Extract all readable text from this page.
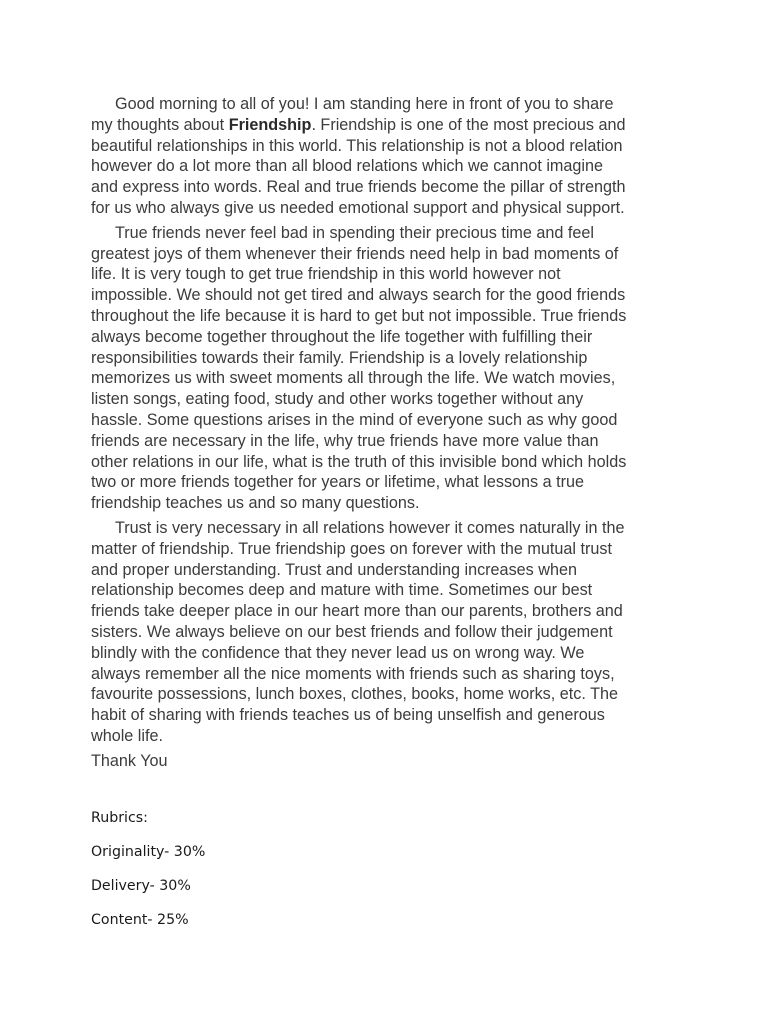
Good morning to all of you! I am standing here in front of you to share
my thoughts about Friendship. Friendship is one of the most precious and
beautiful relationships in this world. This relationship is not a blood relation
however do a lot more than all blood relations which we cannot imagine
and express into words. Real and true friends become the pillar of strength
for us who always give us needed emotional support and physical support.

True friends never feel bad in spending their precious time and feel
greatest joys of them whenever their friends need help in bad moments of
life. It is very tough to get true friendship in this world however not
impossible. We should not get tired and always search for the good friends
throughout the life because it is hard to get but not impossible. True friends
always become together throughout the life together with fulfilling their
responsibilities towards their family. Friendship is a lovely relationship
memorizes us with sweet moments all through the life. We watch movies,
listen songs, eating food, study and other works together without any
hassle. Some questions arises in the mind of everyone such as why good
friends are necessary in the life, why true friends have more value than
other relations in our life, what is the truth of this invisible bond which holds
two or more friends together for years or lifetime, what lessons a true
friendship teaches us and so many questions.

Trust is very necessary in all relations however it comes naturally in the
matter of friendship. True friendship goes on forever with the mutual trust
and proper understanding. Trust and understanding increases when
relationship becomes deep and mature with time. Sometimes our best
friends take deeper place in our heart more than our parents, brothers and
sisters. We always believe on our best friends and follow their judgement
blindly with the confidence that they never lead us on wrong way. We
always remember all the nice moments with friends such as sharing toys,
favourite possessions, lunch boxes, clothes, books, home works, etc. The
habit of sharing with friends teaches us of being unselfish and generous
whole life.

Thank You
Rubrics:
Originality- 30%
Delivery- 30%
Content- 25%
